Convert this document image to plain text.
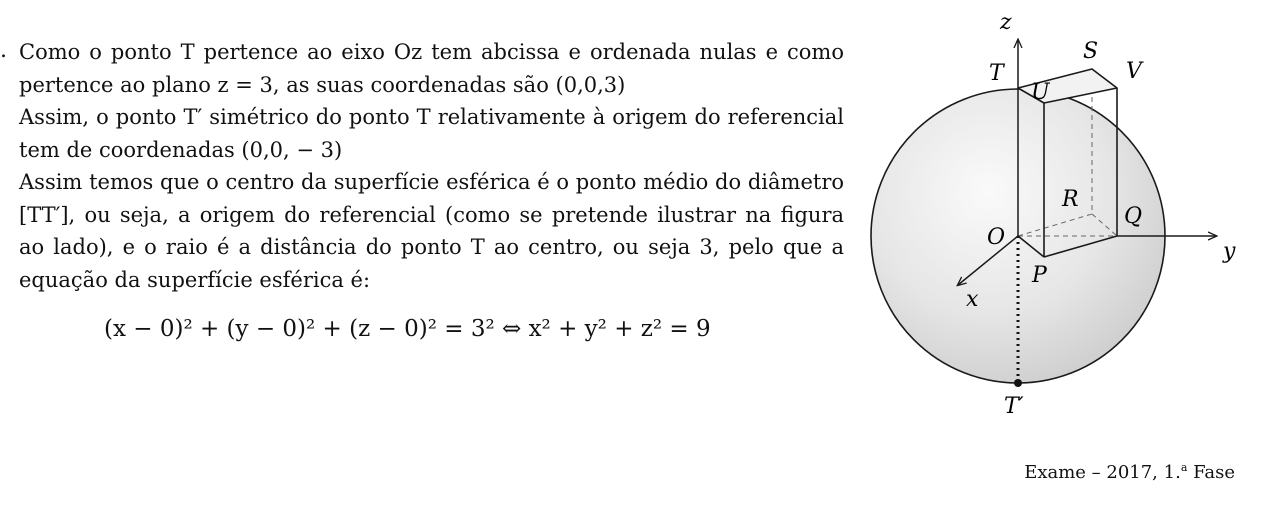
. Como o ponto T pertence ao eixo Oz tem abcissa e ordenada nulas e como pertence ao plano z = 3, as suas coordenadas são (0,0,3)

Assim, o ponto T′ simétrico do ponto T relativamente à origem do referencial tem de coordenadas (0,0, − 3)

Assim temos que o centro da superfície esférica é o ponto médio do diâmetro [TT′], ou seja, a origem do referencial (como se pretende ilustrar na figura ao lado), e o raio é a distância do ponto T ao centro, ou seja 3, pelo que a equação da superfície esférica é:

(x − 0)² + (y − 0)² + (z − 0)² = 3² ⇔ x² + y² + z² = 9
z
T
U
S
V
R
Q
O
P
x
y
T′
Exame – 2017, 1.$^a$ Fase
